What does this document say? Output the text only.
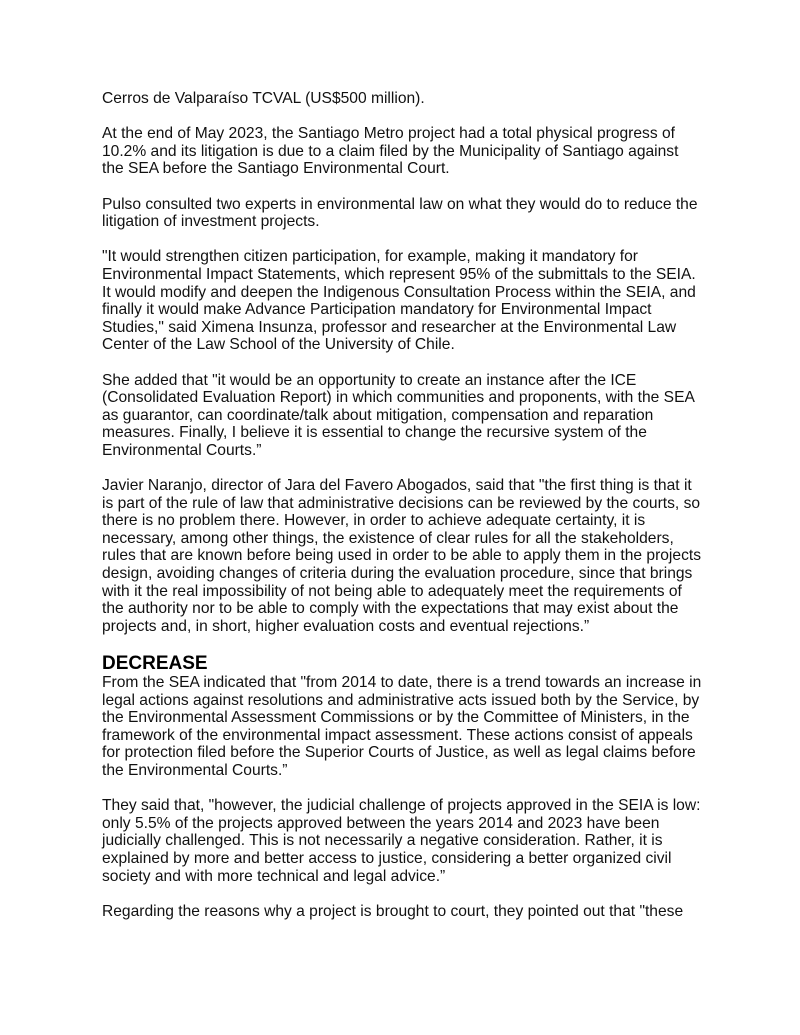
Cerros de Valparaíso TCVAL (US$500 million).

At the end of May 2023, the Santiago Metro project had a total physical progress of 10.2% and its litigation is due to a claim filed by the Municipality of Santiago against the SEA before the Santiago Environmental Court.

Pulso consulted two experts in environmental law on what they would do to reduce the litigation of investment projects.

"It would strengthen citizen participation, for example, making it mandatory for Environmental Impact Statements, which represent 95% of the submittals to the SEIA. It would modify and deepen the Indigenous Consultation Process within the SEIA, and finally it would make Advance Participation mandatory for Environmental Impact Studies," said Ximena Insunza, professor and researcher at the Environmental Law Center of the Law School of the University of Chile.

She added that "it would be an opportunity to create an instance after the ICE (Consolidated Evaluation Report) in which communities and proponents, with the SEA as guarantor, can coordinate/talk about mitigation, compensation and reparation measures. Finally, I believe it is essential to change the recursive system of the Environmental Courts.”

Javier Naranjo, director of Jara del Favero Abogados, said that "the first thing is that it is part of the rule of law that administrative decisions can be reviewed by the courts, so there is no problem there. However, in order to achieve adequate certainty, it is necessary, among other things, the existence of clear rules for all the stakeholders, rules that are known before being used in order to be able to apply them in the projects design, avoiding changes of criteria during the evaluation procedure, since that brings with it the real impossibility of not being able to adequately meet the requirements of the authority nor to be able to comply with the expectations that may exist about the projects and, in short, higher evaluation costs and eventual rejections.”

DECREASE

From the SEA indicated that "from 2014 to date, there is a trend towards an increase in legal actions against resolutions and administrative acts issued both by the Service, by the Environmental Assessment Commissions or by the Committee of Ministers, in the framework of the environmental impact assessment. These actions consist of appeals for protection filed before the Superior Courts of Justice, as well as legal claims before the Environmental Courts.”

They said that, "however, the judicial challenge of projects approved in the SEIA is low: only 5.5% of the projects approved between the years 2014 and 2023 have been judicially challenged. This is not necessarily a negative consideration. Rather, it is explained by more and better access to justice, considering a better organized civil society and with more technical and legal advice.”

Regarding the reasons why a project is brought to court, they pointed out that "these
